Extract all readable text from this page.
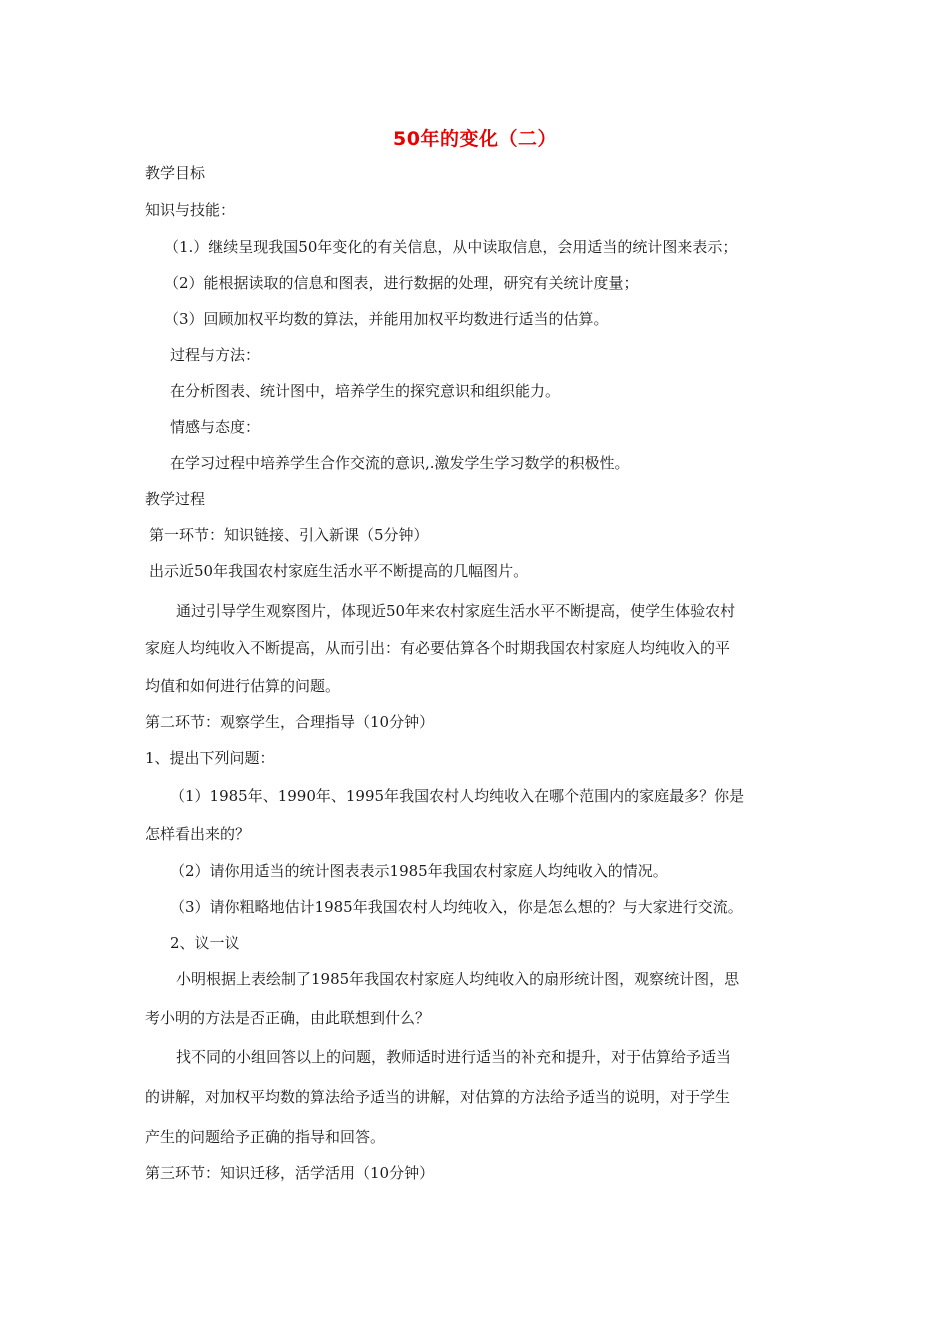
50年的变化（二）
教学目标
知识与技能：
（1.）继续呈现我国50年变化的有关信息，从中读取信息，会用适当的统计图来表示；
（2）能根据读取的信息和图表，进行数据的处理，研究有关统计度量；
（3）回顾加权平均数的算法，并能用加权平均数进行适当的估算。
过程与方法：
在分析图表、统计图中，培养学生的探究意识和组织能力。
情感与态度：
在学习过程中培养学生合作交流的意识,.激发学生学习数学的积极性。
教学过程
第一环节：知识链接、引入新课（5分钟）
出示近50年我国农村家庭生活水平不断提高的几幅图片。
通过引导学生观察图片，体现近50年来农村家庭生活水平不断提高，使学生体验农村
家庭人均纯收入不断提高，从而引出：有必要估算各个时期我国农村家庭人均纯收入的平
均值和如何进行估算的问题。
第二环节：观察学生，合理指导（10分钟）
1、提出下列问题：
（1）1985年、1990年、1995年我国农村人均纯收入在哪个范围内的家庭最多？你是
怎样看出来的？
（2）请你用适当的统计图表表示1985年我国农村家庭人均纯收入的情况。
（3）请你粗略地估计1985年我国农村人均纯收入，你是怎么想的？与大家进行交流。
2、议一议
小明根据上表绘制了1985年我国农村家庭人均纯收入的扇形统计图，观察统计图，思
考小明的方法是否正确，由此联想到什么？
找不同的小组回答以上的问题，教师适时进行适当的补充和提升，对于估算给予适当
的讲解，对加权平均数的算法给予适当的讲解，对估算的方法给予适当的说明，对于学生
产生的问题给予正确的指导和回答。
第三环节：知识迁移，活学活用（10分钟）
